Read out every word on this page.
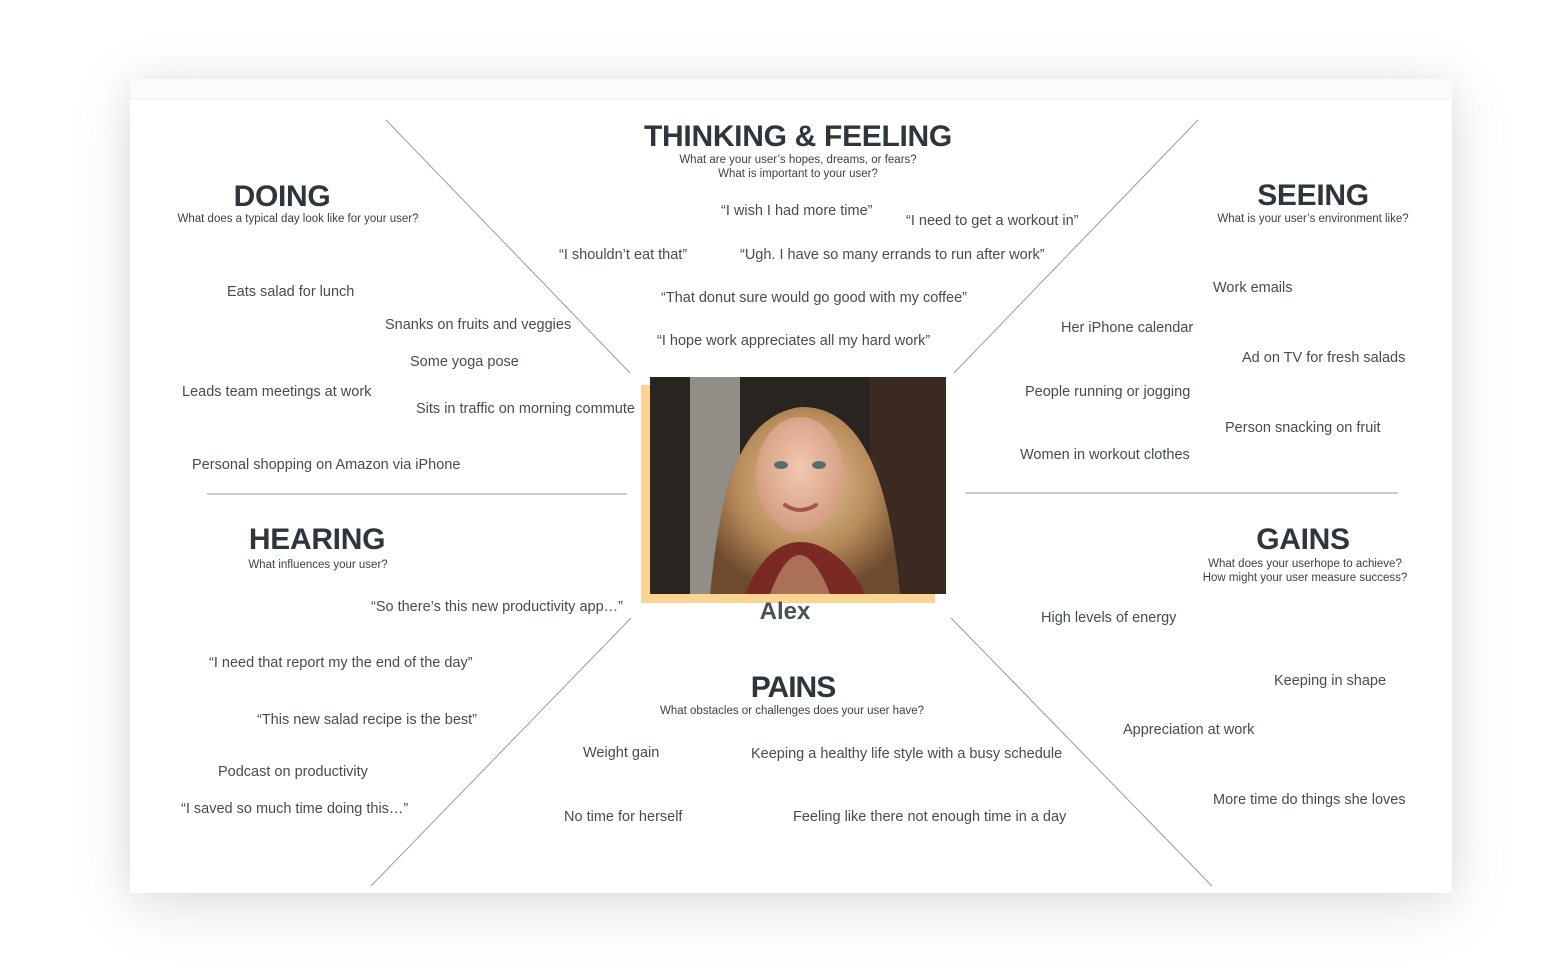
THINKING & FEELING
What are your user’s hopes, dreams, or fears?
What is important to your user?
“I wish I had more time”
“I need to get a workout in”
“I shouldn’t eat that”	“Ugh. I have so many errands to run after work”
“That donut sure would go good with my coffee”
“I hope work appreciates all my hard work”
DOING
What does a typical day look like for your user?
Eats salad for lunch
Snanks on fruits and veggies
Some yoga pose
Leads team meetings at work
Sits in traffic on morning commute
Personal shopping on Amazon via iPhone
SEEING
What is your user’s environment like?
Work emails
Her iPhone calendar
Ad on TV for fresh salads
People running or jogging
Person snacking on fruit
Women in workout clothes
Alex
HEARING
What influences your user?
“So there’s this new productivity app…”
“I need that report my the end of the day”
“This new salad recipe is the best”
Podcast on productivity
“I saved so much time doing this…”
GAINS
What does your userhope to achieve?
How might your user measure success?
High levels of energy
Keeping in shape
Appreciation at work
More time do things she loves
PAINS
What obstacles or challenges does your user have?
Weight gain	Keeping a healthy life style with a busy schedule
No time for herself	Feeling like there not enough time in a day
